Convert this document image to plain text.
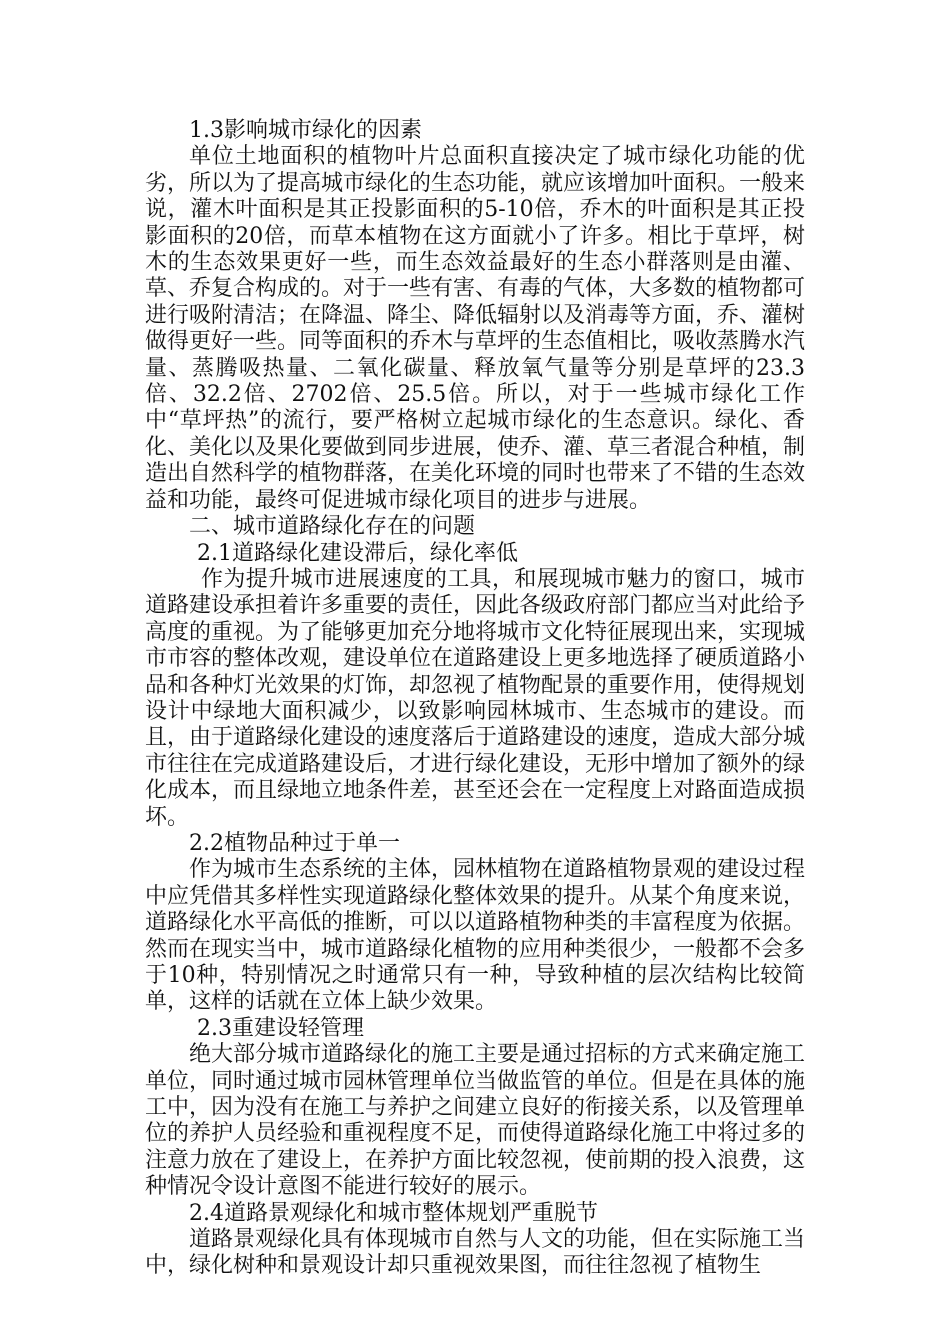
1.3影响城市绿化的因素

单位土地面积的植物叶片总面积直接决定了城市绿化功能的优劣，所以为了提高城市绿化的生态功能，就应该增加叶面积。一般来说，灌木叶面积是其正投影面积的5-10倍，乔木的叶面积是其正投影面积的20倍，而草本植物在这方面就小了许多。相比于草坪，树木的生态效果更好一些，而生态效益最好的生态小群落则是由灌、草、乔复合构成的。对于一些有害、有毒的气体，大多数的植物都可进行吸附清洁；在降温、降尘、降低辐射以及消毒等方面，乔、灌树做得更好一些。同等面积的乔木与草坪的生态值相比，吸收蒸腾水汽量、蒸腾吸热量、二氧化碳量、释放氧气量等分别是草坪的23.3倍、32.2倍、2702倍、25.5倍。所以，对于一些城市绿化工作中“草坪热”的流行，要严格树立起城市绿化的生态意识。绿化、香化、美化以及果化要做到同步进展，使乔、灌、草三者混合种植，制造出自然科学的植物群落，在美化环境的同时也带来了不错的生态效益和功能，最终可促进城市绿化项目的进步与进展。

二、城市道路绿化存在的问题

2.1道路绿化建设滞后，绿化率低

作为提升城市进展速度的工具，和展现城市魅力的窗口，城市道路建设承担着许多重要的责任，因此各级政府部门都应当对此给予高度的重视。为了能够更加充分地将城市文化特征展现出来，实现城市市容的整体改观，建设单位在道路建设上更多地选择了硬质道路小品和各种灯光效果的灯饰，却忽视了植物配景的重要作用，使得规划设计中绿地大面积减少，以致影响园林城市、生态城市的建设。而且，由于道路绿化建设的速度落后于道路建设的速度，造成大部分城市往往在完成道路建设后，才进行绿化建设，无形中增加了额外的绿化成本，而且绿地立地条件差，甚至还会在一定程度上对路面造成损坏。

2.2植物品种过于单一

作为城市生态系统的主体，园林植物在道路植物景观的建设过程中应凭借其多样性实现道路绿化整体效果的提升。从某个角度来说，道路绿化水平高低的推断，可以以道路植物种类的丰富程度为依据。然而在现实当中，城市道路绿化植物的应用种类很少，一般都不会多于10种，特别情况之时通常只有一种，导致种植的层次结构比较简单，这样的话就在立体上缺少效果。

2.3重建设轻管理

绝大部分城市道路绿化的施工主要是通过招标的方式来确定施工单位，同时通过城市园林管理单位当做监管的单位。但是在具体的施工中，因为没有在施工与养护之间建立良好的衔接关系，以及管理单位的养护人员经验和重视程度不足，而使得道路绿化施工中将过多的注意力放在了建设上，在养护方面比较忽视，使前期的投入浪费，这种情况令设计意图不能进行较好的展示。

2.4道路景观绿化和城市整体规划严重脱节

道路景观绿化具有体现城市自然与人文的功能，但在实际施工当中，绿化树种和景观设计却只重视效果图，而往往忽视了植物生
